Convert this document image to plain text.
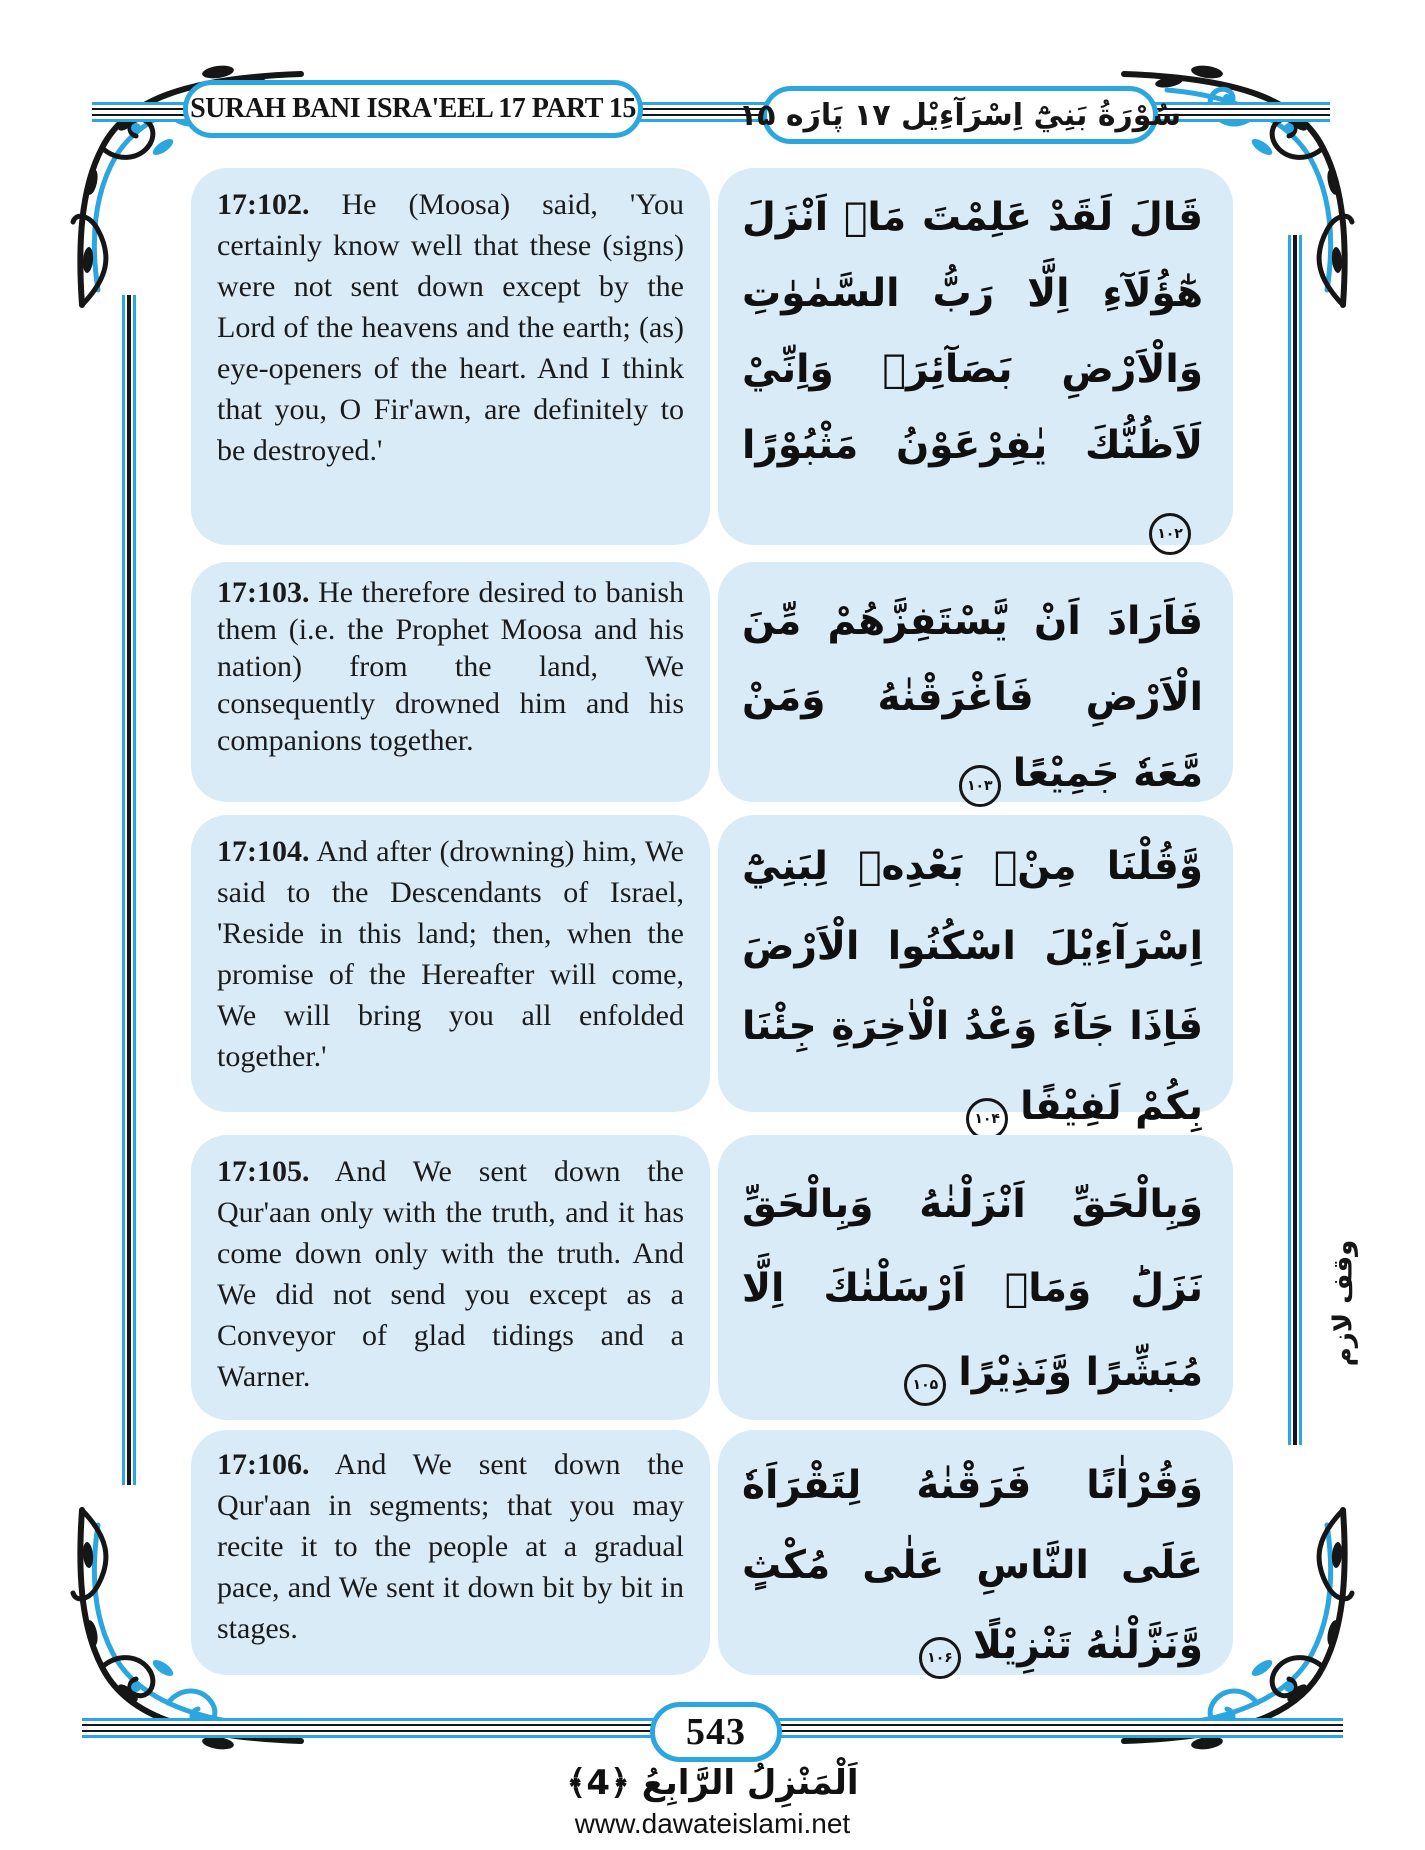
SURAH BANI ISRA'EEL 17 PART 15	سُوْرَةُ بَنِيْٓ اِسْرَآءِيْل ۱۷ پَارَه ۱۵

17:102. He (Moosa) said, 'You certainly know well that these (signs) were not sent down except by the Lord of the heavens and the earth; (as) eye-openers of the heart. And I think that you, O Fir'awn, are definitely to be destroyed.'

قَالَ لَقَدْ عَلِمْتَ مَاۤ اَنْزَلَ هٰٓؤُلَآءِ اِلَّا رَبُّ السَّمٰوٰتِ وَالْاَرْضِ بَصَآئِرَۚ وَاِنِّيْ لَاَظُنُّكَ يٰفِرْعَوْنُ مَثْبُوْرًا
۱۰۲

17:103. He therefore desired to banish them (i.e. the Prophet Moosa and his nation) from the land, We consequently drowned him and his companions together.

فَاَرَادَ اَنْ يَّسْتَفِزَّهُمْ مِّنَ الْاَرْضِ فَاَغْرَقْنٰهُ وَمَنْ مَّعَهٗ جَمِيْعًا
۱۰۳

17:104. And after (drowning) him, We said to the Descendants of Israel, 'Reside in this land; then, when the promise of the Hereafter will come, We will bring you all enfolded together.'

وَّقُلْنَا مِنْۢ بَعْدِهٖ لِبَنِيْٓ اِسْرَآءِيْلَ اسْكُنُوا الْاَرْضَ فَاِذَا جَآءَ وَعْدُ الْاٰخِرَةِ جِئْنَا بِكُمْ لَفِيْفًا
۱۰۴

17:105. And We sent down the Qur'aan only with the truth, and it has come down only with the truth. And We did not send you except as a Conveyor of glad tidings and a Warner.

وَبِالْحَقِّ اَنْزَلْنٰهُ وَبِالْحَقِّ نَزَلَؕ وَمَاۤ اَرْسَلْنٰكَ اِلَّا مُبَشِّرًا وَّنَذِيْرًا
۱۰۵

17:106. And We sent down the Qur'aan in segments; that you may recite it to the people at a gradual pace, and We sent it down bit by bit in stages.

وَقُرْاٰنًا فَرَقْنٰهُ لِتَقْرَاَهٗ عَلَى النَّاسِ عَلٰى مُكْثٍ وَّنَزَّلْنٰهُ تَنْزِيْلًا
۱۰۶

وقف لازم
543
اَلْمَنْزِلُ الرَّابِعُ ﴿4﴾
www.dawateislami.net
